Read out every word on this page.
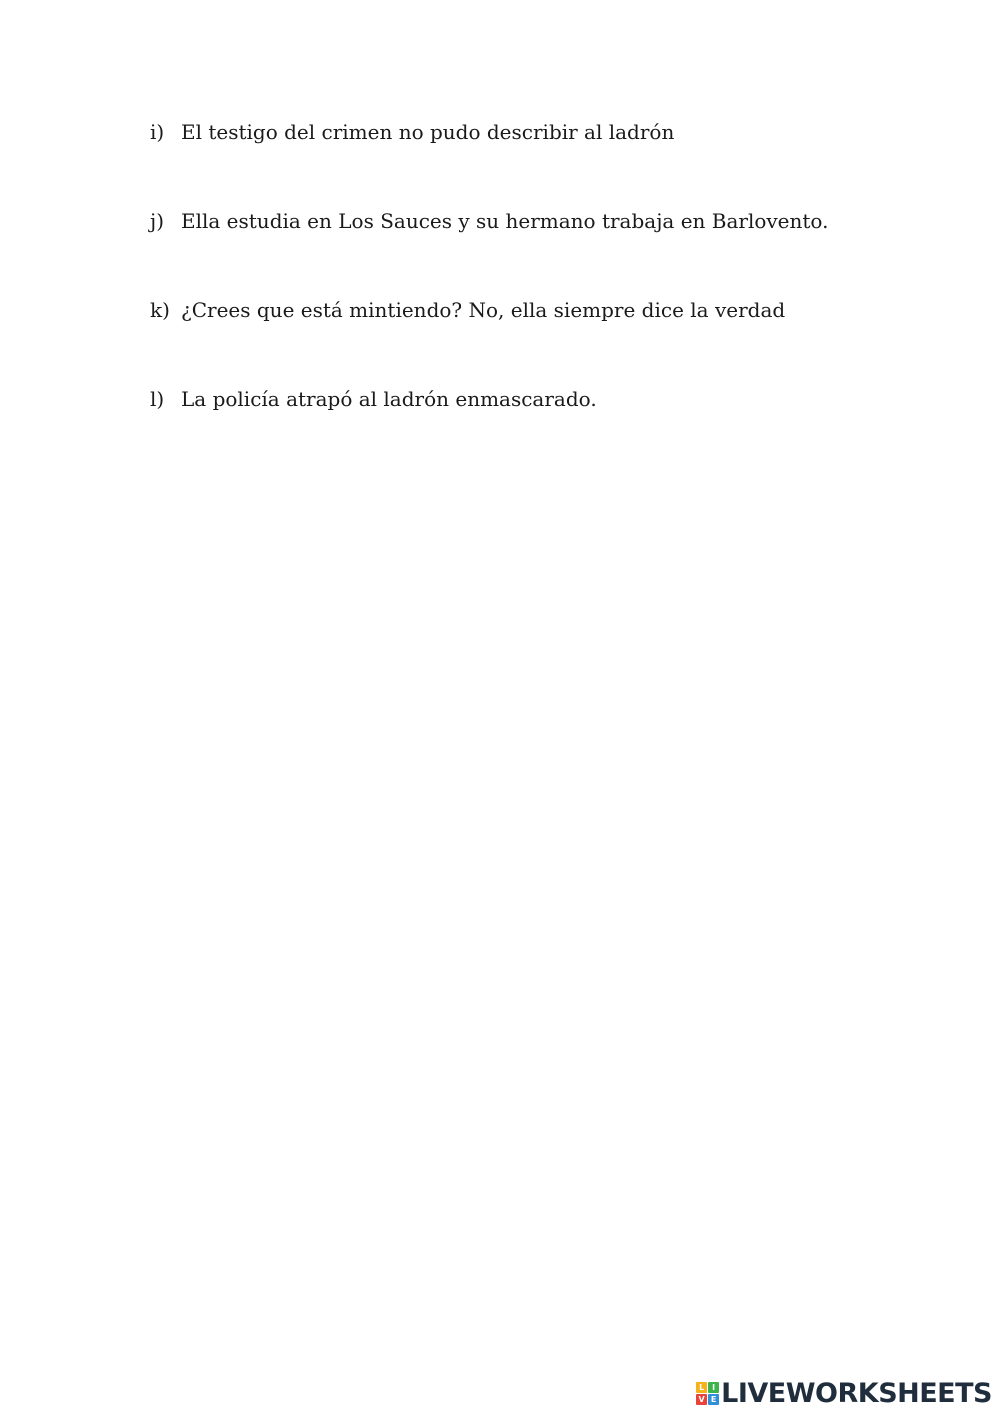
i) El testigo del crimen no pudo describir al ladrón
j) Ella estudia en Los Sauces y su hermano trabaja en Barlovento.
k) ¿Crees que está mintiendo? No, ella siempre dice la verdad
l) La policía atrapó al ladrón enmascarado.
L I
V E LIVEWORKSHEETS
